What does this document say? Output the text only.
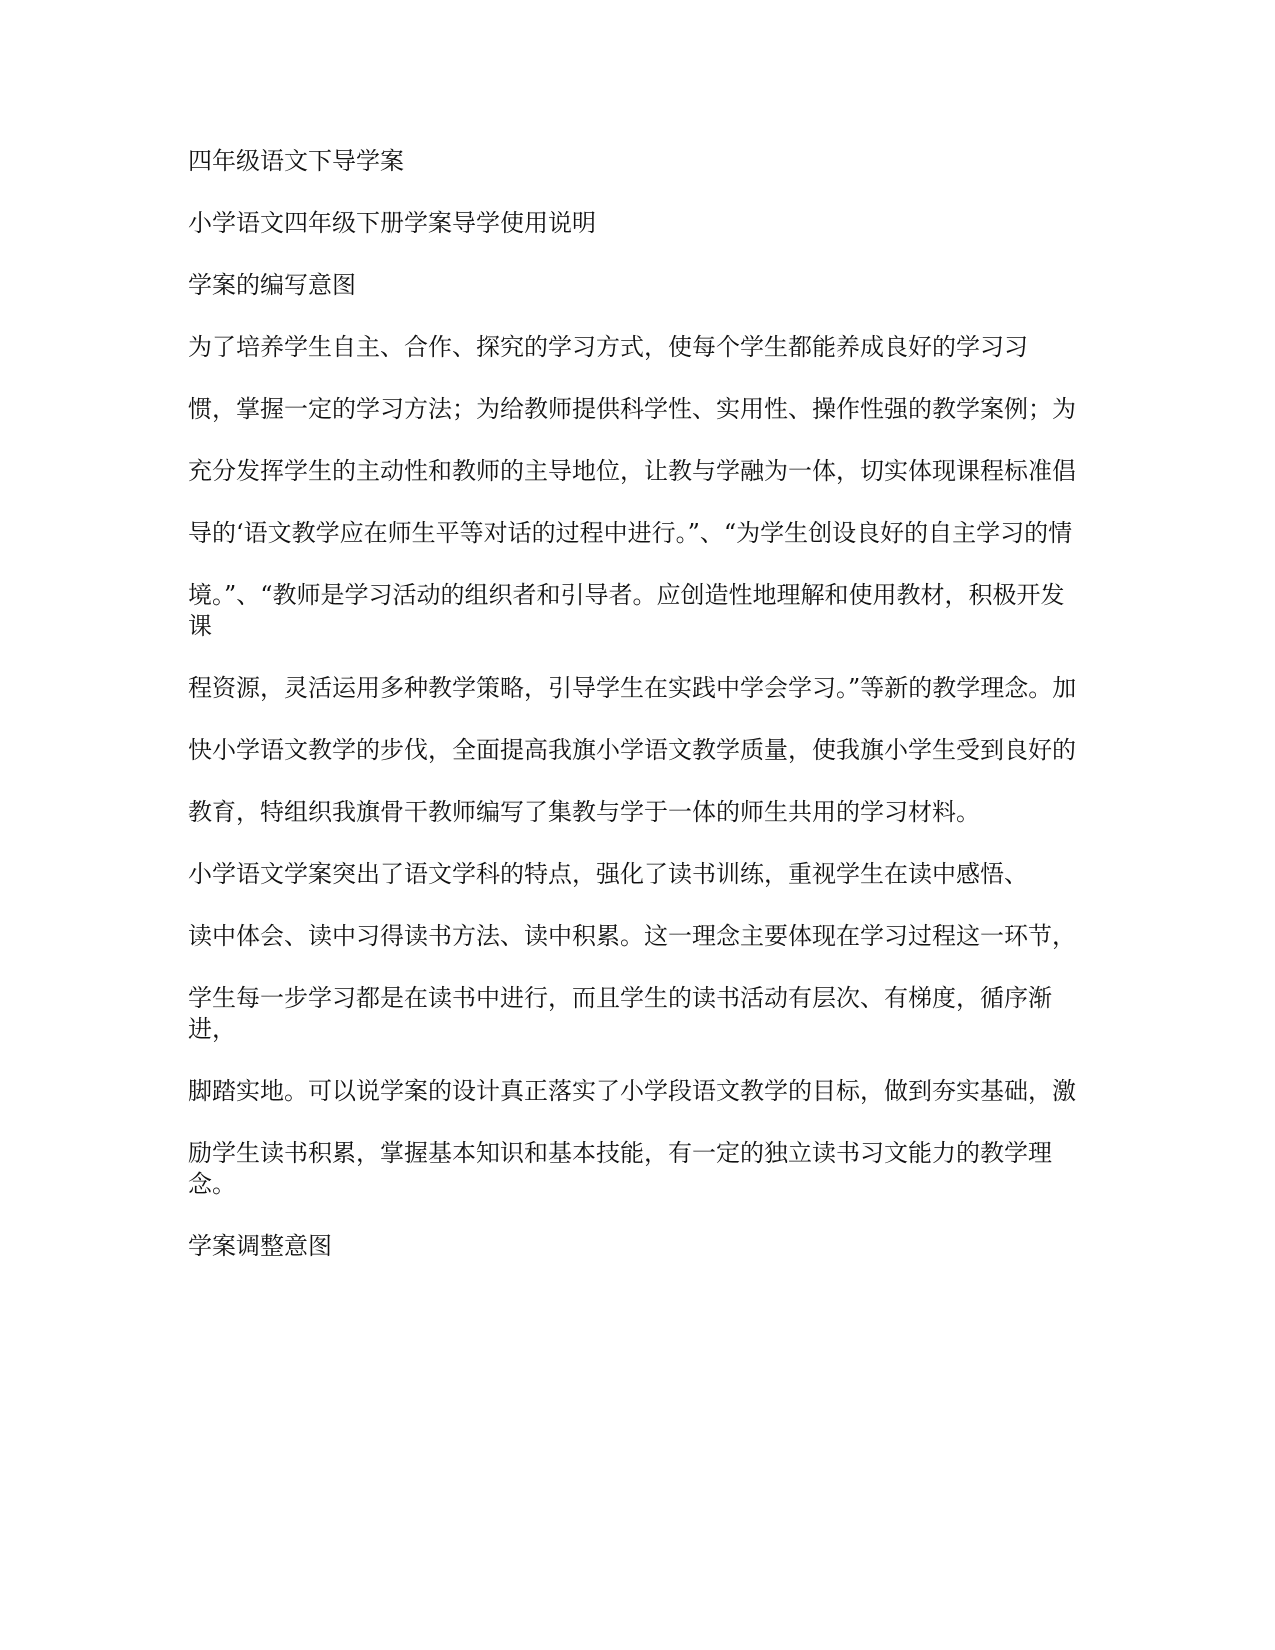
四年级语文下导学案

小学语文四年级下册学案导学使用说明

学案的编写意图

为了培养学生自主、合作、探究的学习方式，使每个学生都能养成良好的学习习

惯，掌握一定的学习方法；为给教师提供科学性、实用性、操作性强的教学案例；为

充分发挥学生的主动性和教师的主导地位，让教与学融为一体，切实体现课程标准倡

导的‘语文教学应在师生平等对话的过程中进行。”、“为学生创设良好的自主学习的情

境。”、“教师是学习活动的组织者和引导者。应创造性地理解和使用教材，积极开发课

程资源，灵活运用多种教学策略，引导学生在实践中学会学习。”等新的教学理念。加

快小学语文教学的步伐，全面提高我旗小学语文教学质量，使我旗小学生受到良好的

教育，特组织我旗骨干教师编写了集教与学于一体的师生共用的学习材料。

小学语文学案突出了语文学科的特点，强化了读书训练，重视学生在读中感悟、

读中体会、读中习得读书方法、读中积累。这一理念主要体现在学习过程这一环节，

学生每一步学习都是在读书中进行，而且学生的读书活动有层次、有梯度，循序渐进，

脚踏实地。可以说学案的设计真正落实了小学段语文教学的目标，做到夯实基础，激

励学生读书积累，掌握基本知识和基本技能，有一定的独立读书习文能力的教学理念。

学案调整意图
